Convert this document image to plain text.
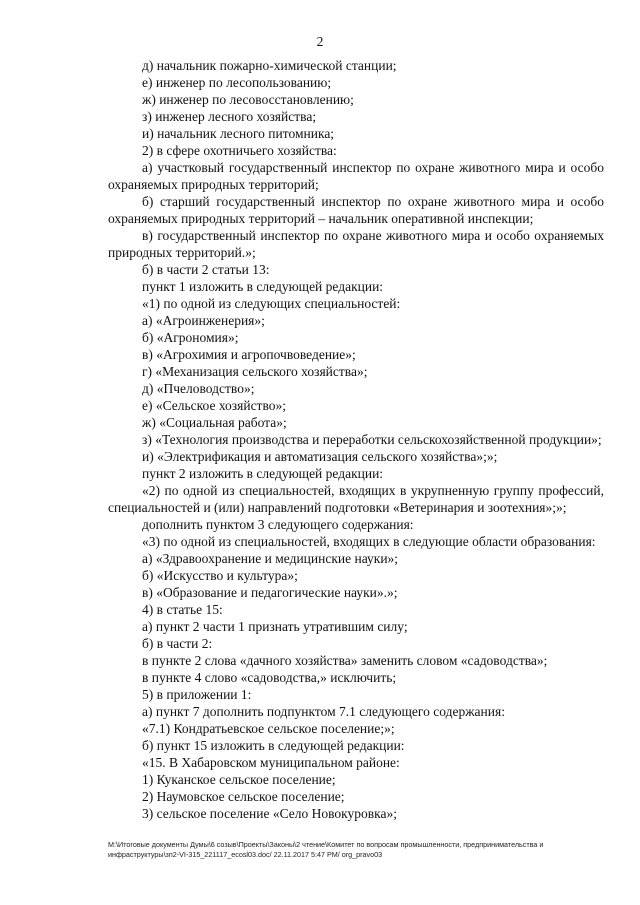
2

д) начальник пожарно-химической станции;

е) инженер по лесопользованию;

ж) инженер по лесовосстановлению;

з) инженер лесного хозяйства;

и) начальник лесного питомника;

2) в сфере охотничьего хозяйства:

а) участковый государственный инспектор по охране животного мира и особо охраняемых природных территорий;

б) старший государственный инспектор по охране животного мира и особо охраняемых природных территорий – начальник оперативной инспекции;

в) государственный инспектор по охране животного мира и особо охраняемых природных территорий.»;

б) в части 2 статьи 13:

пункт 1 изложить в следующей редакции:

«1) по одной из следующих специальностей:

а) «Агроинженерия»;

б) «Агрономия»;

в) «Агрохимия и агропочвоведение»;

г) «Механизация сельского хозяйства»;

д) «Пчеловодство»;

е) «Сельское хозяйство»;

ж) «Социальная работа»;

з) «Технология производства и переработки сельскохозяйственной продукции»;

и) «Электрификация и автоматизация сельского хозяйства»;»;

пункт 2 изложить в следующей редакции:

«2) по одной из специальностей, входящих в укрупненную группу профессий, специальностей и (или) направлений подготовки «Ветеринария и зоотехния»;»;

дополнить пунктом 3 следующего содержания:

«3) по одной из специальностей, входящих в следующие области образования:

а) «Здравоохранение и медицинские науки»;

б) «Искусство и культура»;

в) «Образование и педагогические науки».»;

4) в статье 15:

а) пункт 2 части 1 признать утратившим силу;

б) в части 2:

в пункте 2 слова «дачного хозяйства» заменить словом «садоводства»;

в пункте 4 слово «садоводства,» исключить;

5) в приложении 1:

а) пункт 7 дополнить подпунктом 7.1 следующего содержания:

«7.1) Кондратьевское сельское поселение;»;

б) пункт 15 изложить в следующей редакции:

«15. В Хабаровском муниципальном районе:

1) Куканское сельское поселение;

2) Наумовское сельское поселение;

3) сельское поселение «Село Новокуровка»;

M:\Итоговые документы Думы\6 созыв\Проекты\Законы\2 чтение\Комитет по вопросам промышленности, предпринимательства и инфраструктуры\зп2-VI-315_221117_ecosl03.doc/ 22.11.2017 5:47 PM/ org_pravo03
